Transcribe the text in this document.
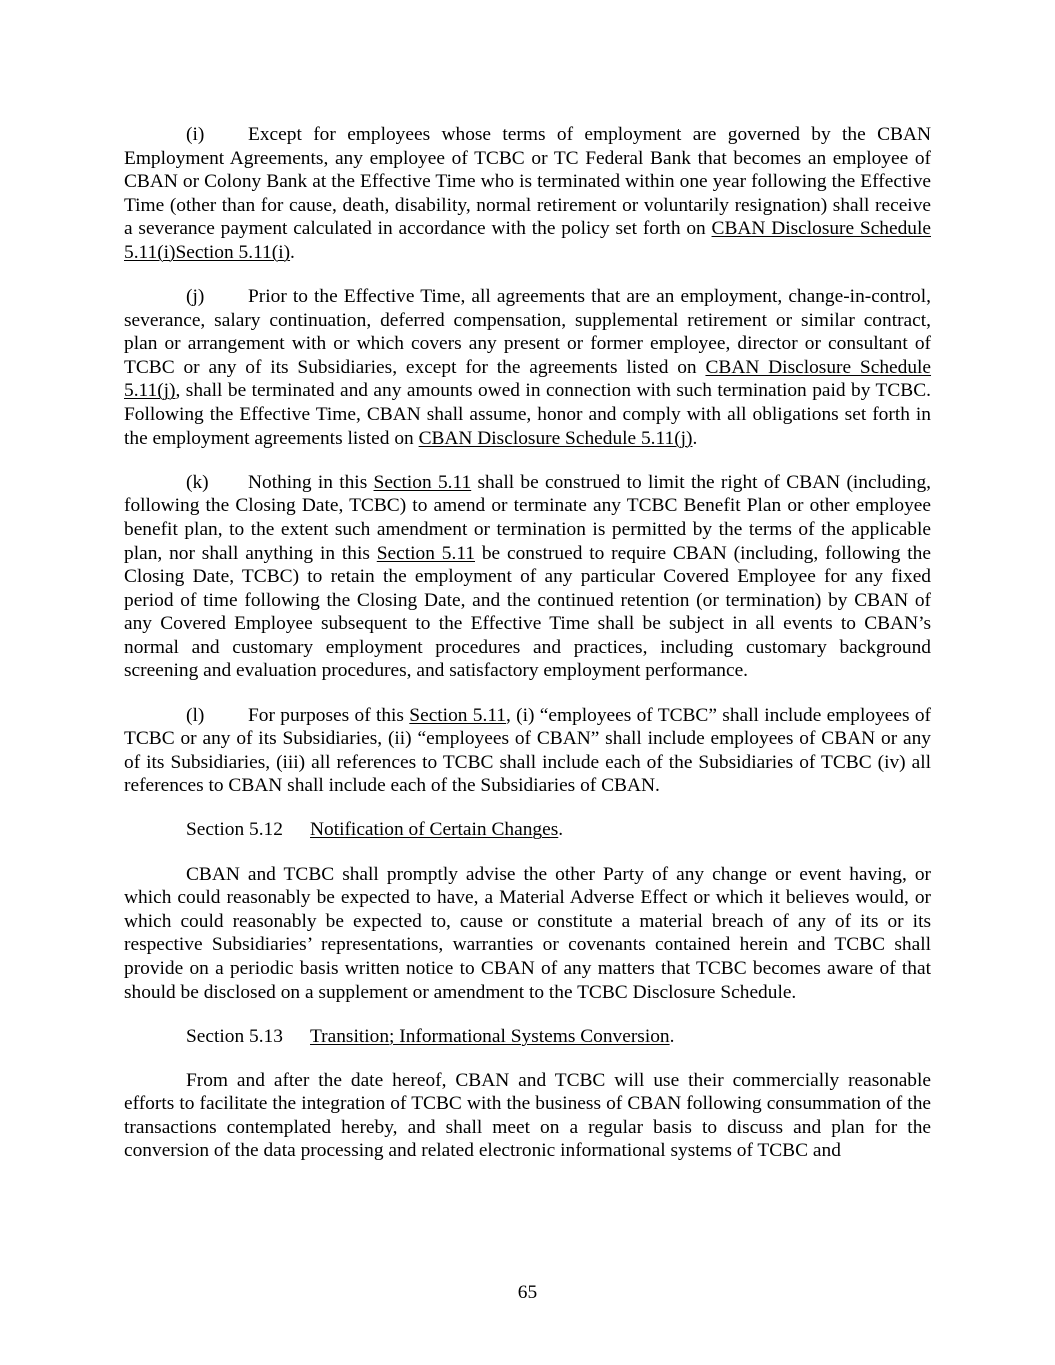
(i) Except for employees whose terms of employment are governed by the CBAN Employment Agreements, any employee of TCBC or TC Federal Bank that becomes an employee of CBAN or Colony Bank at the Effective Time who is terminated within one year following the Effective Time (other than for cause, death, disability, normal retirement or voluntarily resignation) shall receive a severance payment calculated in accordance with the policy set forth on CBAN Disclosure Schedule 5.11(i)Section 5.11(i).

(j) Prior to the Effective Time, all agreements that are an employment, change-in-control, severance, salary continuation, deferred compensation, supplemental retirement or similar contract, plan or arrangement with or which covers any present or former employee, director or consultant of TCBC or any of its Subsidiaries, except for the agreements listed on CBAN Disclosure Schedule 5.11(j), shall be terminated and any amounts owed in connection with such termination paid by TCBC. Following the Effective Time, CBAN shall assume, honor and comply with all obligations set forth in the employment agreements listed on CBAN Disclosure Schedule 5.11(j).

(k) Nothing in this Section 5.11 shall be construed to limit the right of CBAN (including, following the Closing Date, TCBC) to amend or terminate any TCBC Benefit Plan or other employee benefit plan, to the extent such amendment or termination is permitted by the terms of the applicable plan, nor shall anything in this Section 5.11 be construed to require CBAN (including, following the Closing Date, TCBC) to retain the employment of any particular Covered Employee for any fixed period of time following the Closing Date, and the continued retention (or termination) by CBAN of any Covered Employee subsequent to the Effective Time shall be subject in all events to CBAN’s normal and customary employment procedures and practices, including customary background screening and evaluation procedures, and satisfactory employment performance.

(l) For purposes of this Section 5.11, (i) “employees of TCBC” shall include employees of TCBC or any of its Subsidiaries, (ii) “employees of CBAN” shall include employees of CBAN or any of its Subsidiaries, (iii) all references to TCBC shall include each of the Subsidiaries of TCBC (iv) all references to CBAN shall include each of the Subsidiaries of CBAN.

Section 5.12 Notification of Certain Changes.

CBAN and TCBC shall promptly advise the other Party of any change or event having, or which could reasonably be expected to have, a Material Adverse Effect or which it believes would, or which could reasonably be expected to, cause or constitute a material breach of any of its or its respective Subsidiaries’ representations, warranties or covenants contained herein and TCBC shall provide on a periodic basis written notice to CBAN of any matters that TCBC becomes aware of that should be disclosed on a supplement or amendment to the TCBC Disclosure Schedule.

Section 5.13 Transition; Informational Systems Conversion.

From and after the date hereof, CBAN and TCBC will use their commercially reasonable efforts to facilitate the integration of TCBC with the business of CBAN following consummation of the transactions contemplated hereby, and shall meet on a regular basis to discuss and plan for the conversion of the data processing and related electronic informational systems of TCBC and

65
